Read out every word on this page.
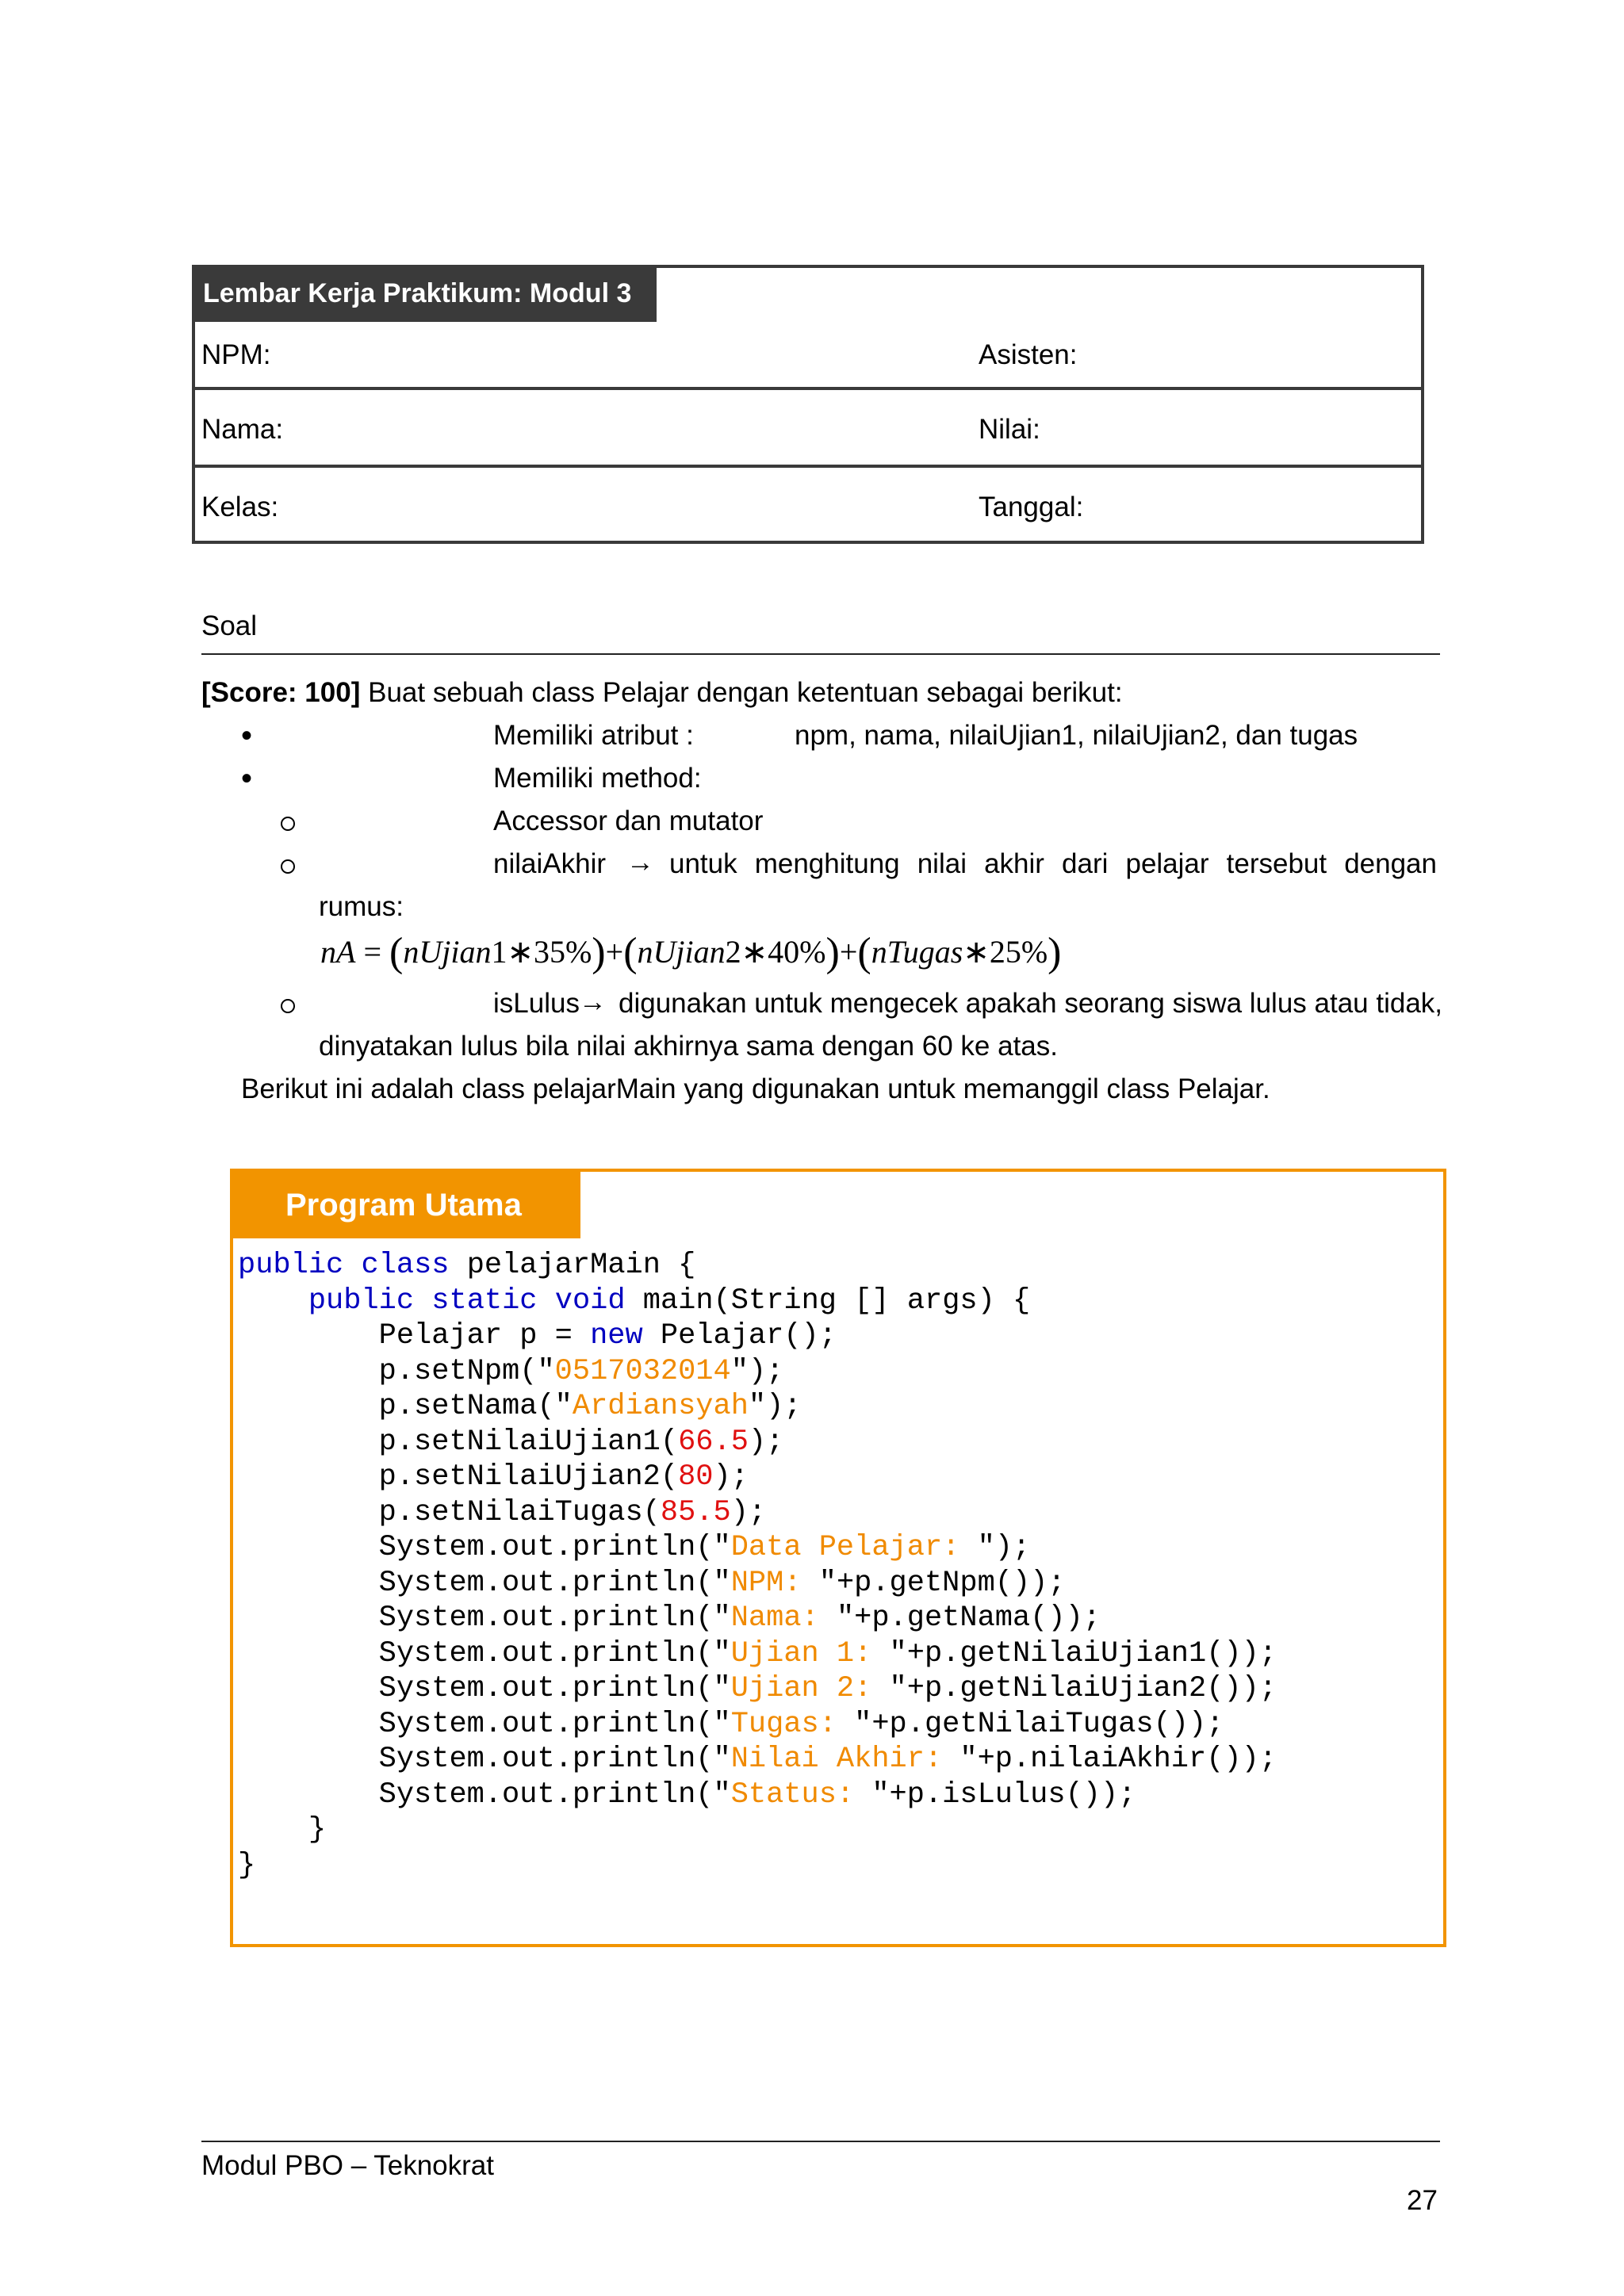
Lembar Kerja Praktikum: Modul 3
NPM:	Asisten:
Nama:	Nilai:
Kelas:	Tanggal:
Soal
[Score: 100] Buat sebuah class Pelajar dengan ketentuan sebagai berikut:
•	Memiliki atribut :	npm, nama, nilaiUjian1, nilaiUjian2, dan tugas
•	Memiliki method:
Accessor dan mutator
nilaiAkhir → untuk menghitung nilai akhir dari pelajar tersebut dengan
rumus:
nA = (nUjian1∗35%)+(nUjian2∗40%)+(nTugas∗25%)
isLulus → digunakan untuk mengecek apakah seorang siswa lulus atau tidak,
dinyatakan lulus bila nilai akhirnya sama dengan 60 ke atas.
Berikut ini adalah class pelajarMain yang digunakan untuk memanggil class Pelajar.
Program Utama
public class pelajarMain {
public static void main(String [] args) {
Pelajar p = new Pelajar();
p.setNpm("0517032014");
p.setNama("Ardiansyah");
p.setNilaiUjian1(66.5);
p.setNilaiUjian2(80);
p.setNilaiTugas(85.5);
System.out.println("Data Pelajar: ");
System.out.println("NPM: "+p.getNpm());
System.out.println("Nama: "+p.getNama());
System.out.println("Ujian 1: "+p.getNilaiUjian1());
System.out.println("Ujian 2: "+p.getNilaiUjian2());
System.out.println("Tugas: "+p.getNilaiTugas());
System.out.println("Nilai Akhir: "+p.nilaiAkhir());
System.out.println("Status: "+p.isLulus());
}
}
Modul PBO – Teknokrat
27
